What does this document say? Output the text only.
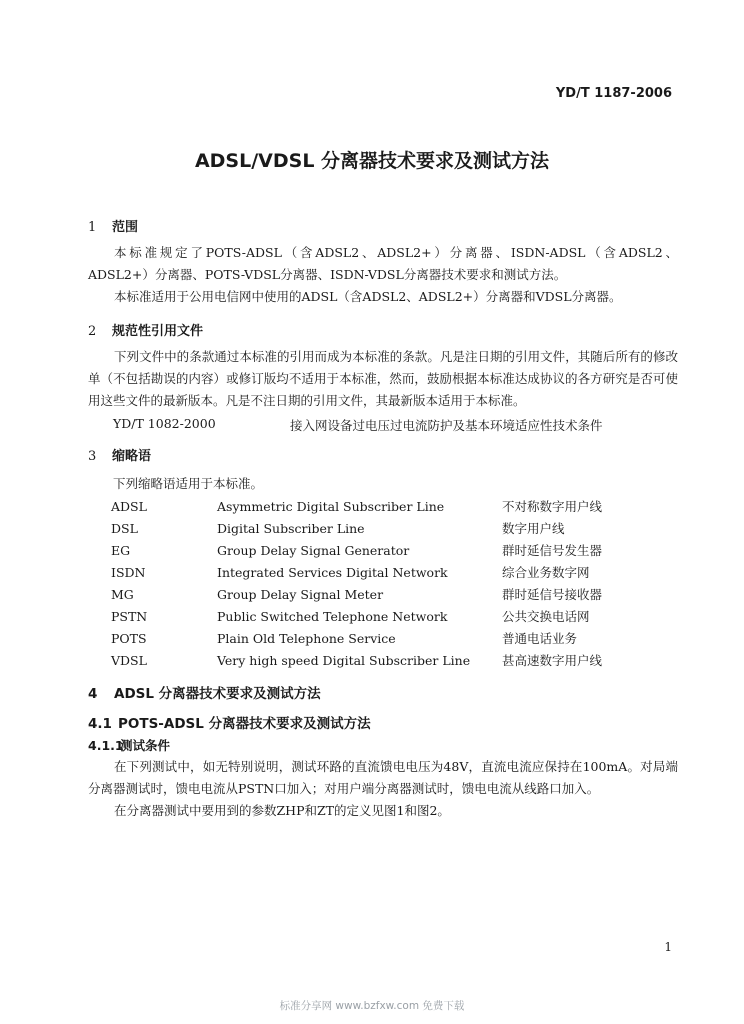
YD/T 1187-2006
ADSL/VDSL 分离器技术要求及测试方法
1 范围
本标准规定了POTS-ADSL（含ADSL2、ADSL2+）分离器、ISDN-ADSL（含ADSL2、ADSL2+）分离器、POTS-VDSL分离器、ISDN-VDSL分离器技术要求和测试方法。
本标准适用于公用电信网中使用的ADSL（含ADSL2、ADSL2+）分离器和VDSL分离器。
2 规范性引用文件
下列文件中的条款通过本标准的引用而成为本标准的条款。凡是注日期的引用文件，其随后所有的修改单（不包括勘误的内容）或修订版均不适用于本标准，然而，鼓励根据本标准达成协议的各方研究是否可使用这些文件的最新版本。凡是不注日期的引用文件，其最新版本适用于本标准。
YD/T 1082-2000	接入网设备过电压过电流防护及基本环境适应性技术条件
3 缩略语
下列缩略语适用于本标准。
ADSL	Asymmetric Digital Subscriber Line	不对称数字用户线
DSL	Digital Subscriber Line	数字用户线
EG	Group Delay Signal Generator	群时延信号发生器
ISDN	Integrated Services Digital Network	综合业务数字网
MG	Group Delay Signal Meter	群时延信号接收器
PSTN	Public Switched Telephone Network	公共交换电话网
POTS	Plain Old Telephone Service	普通电话业务
VDSL	Very high speed Digital Subscriber Line	甚高速数字用户线
4 ADSL 分离器技术要求及测试方法
4.1 POTS-ADSL 分离器技术要求及测试方法
4.1.1测试条件
在下列测试中，如无特别说明，测试环路的直流馈电电压为48V，直流电流应保持在100mA。对局端分离器测试时，馈电电流从PSTN口加入；对用户端分离器测试时，馈电电流从线路口加入。
在分离器测试中要用到的参数ZHP和ZT的定义见图1和图2。
1
标准分享网 www.bzfxw.com 免费下载
